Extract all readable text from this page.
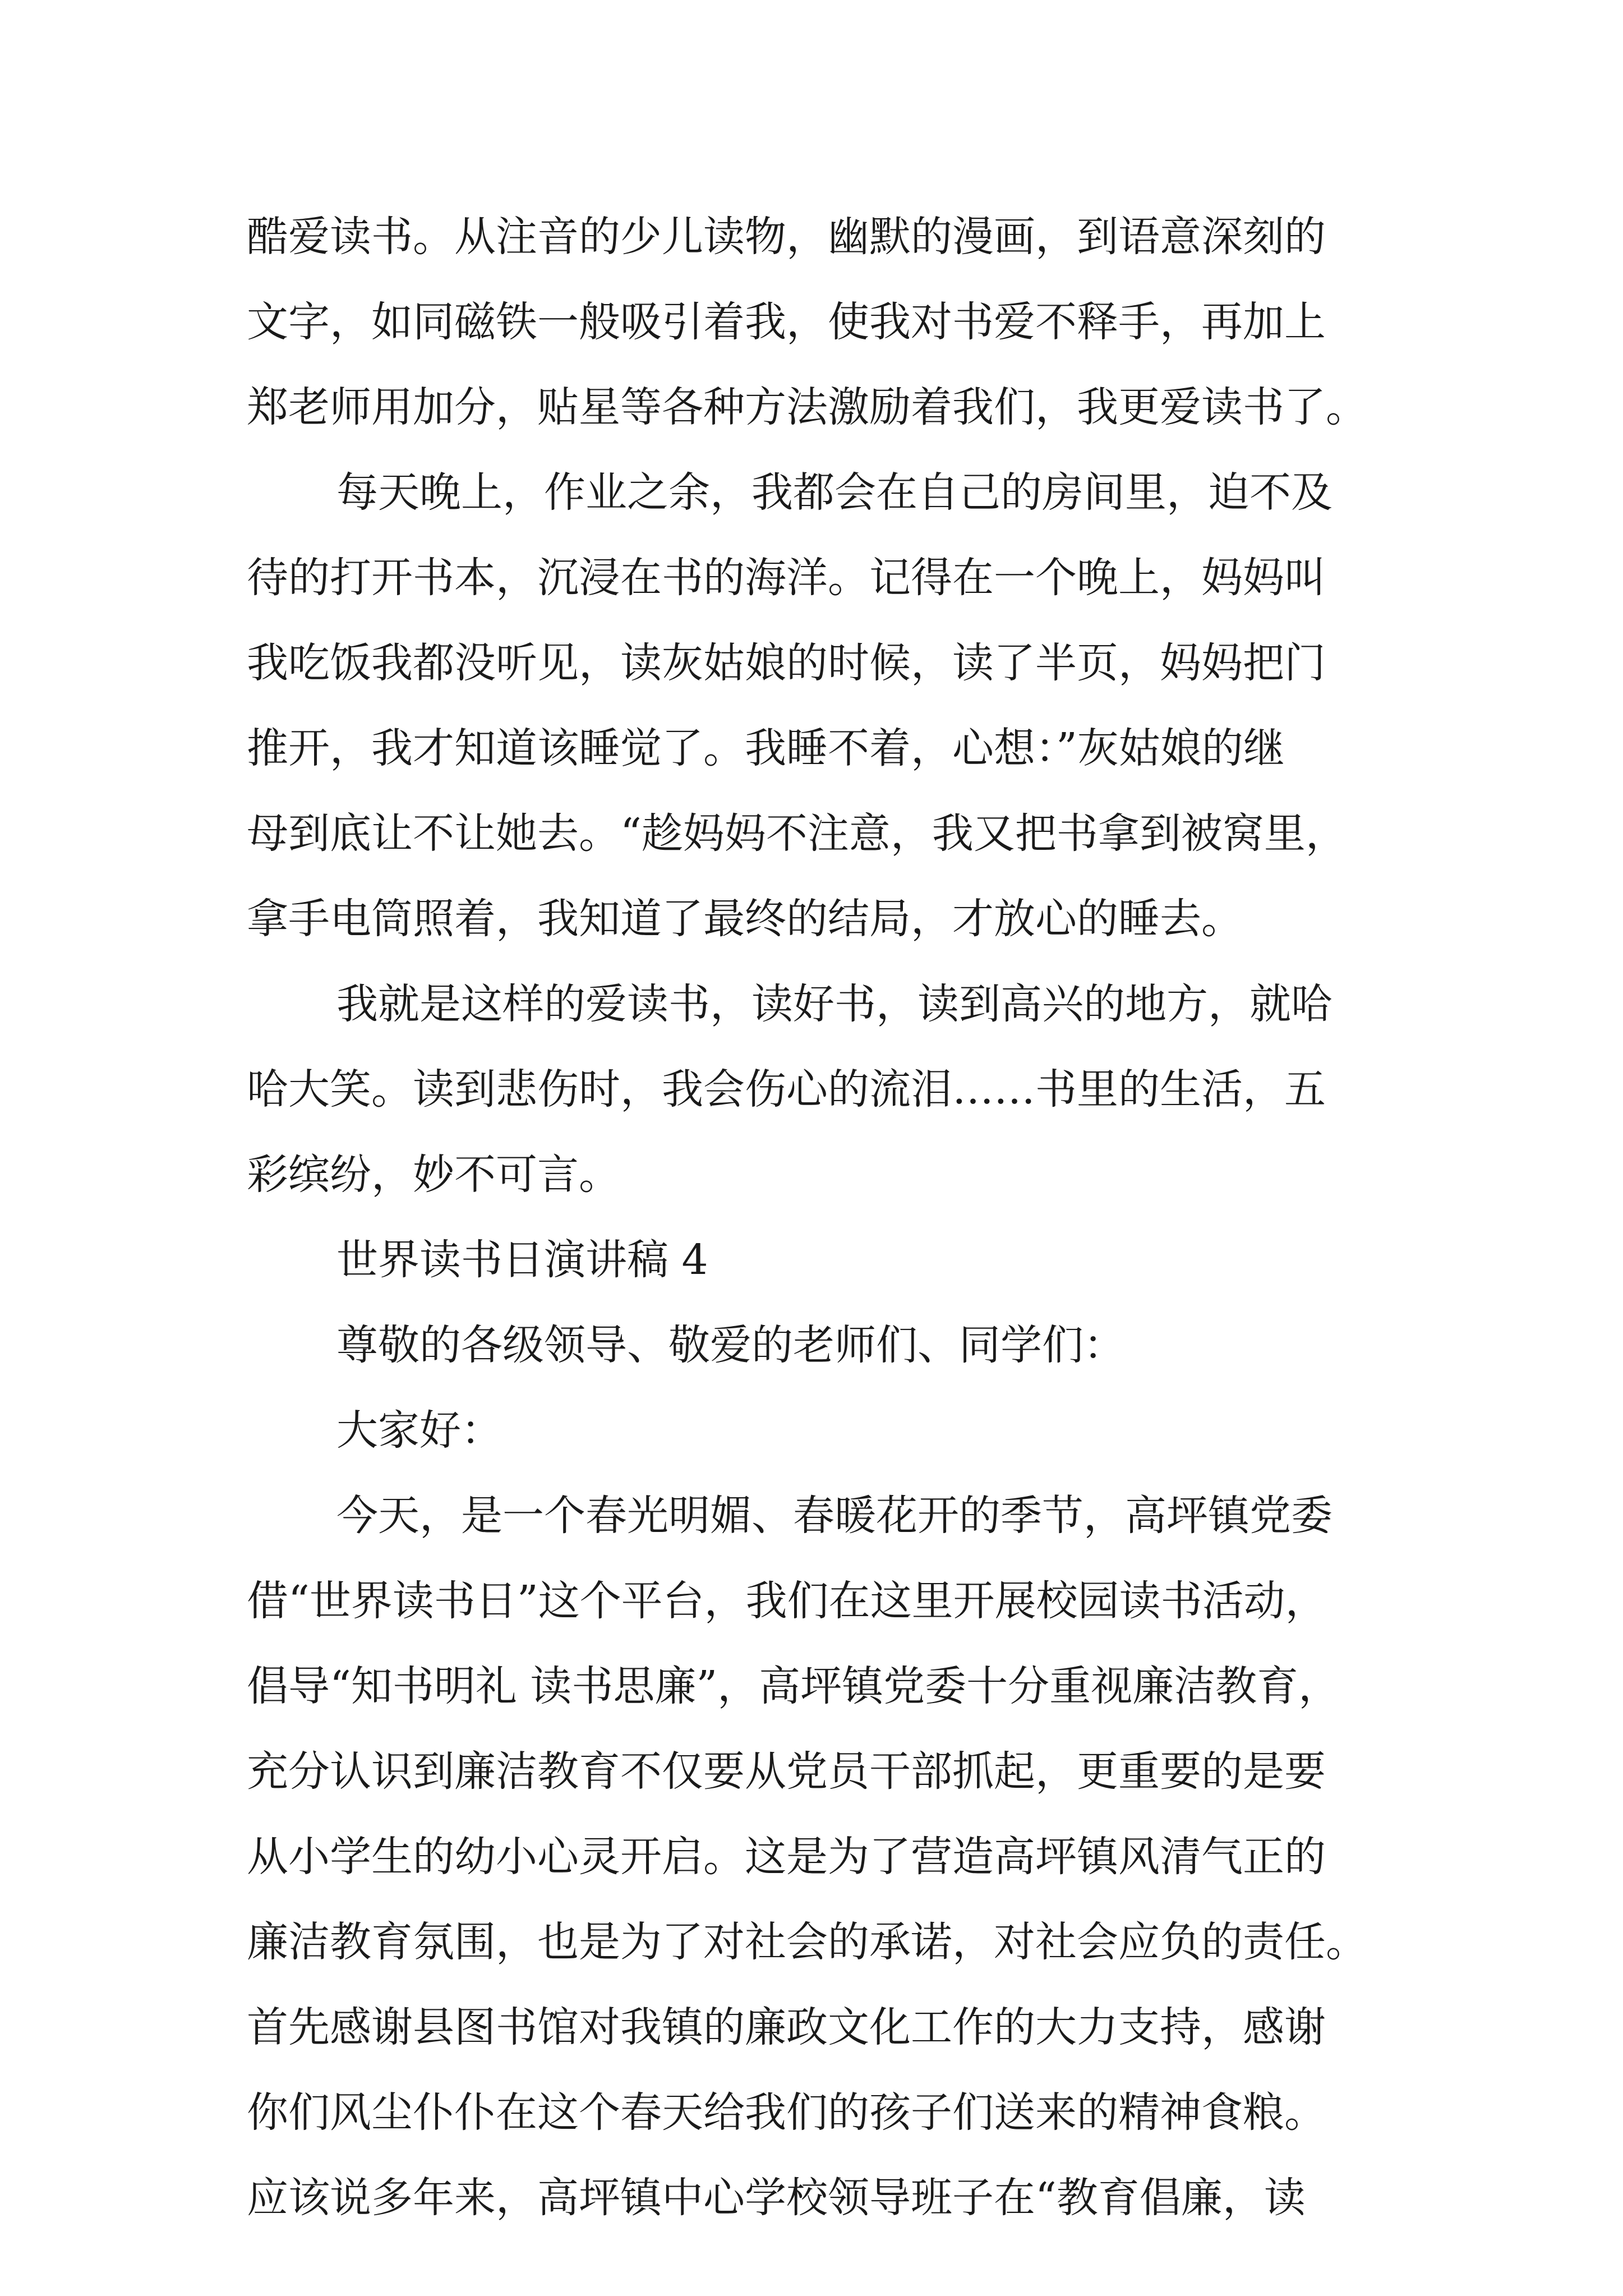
酷爱读书。从注音的少儿读物，幽默的漫画，到语意深刻的
文字，如同磁铁一般吸引着我，使我对书爱不释手，再加上
郑老师用加分，贴星等各种方法激励着我们，我更爱读书了。
每天晚上，作业之余，我都会在自己的房间里，迫不及
待的打开书本，沉浸在书的海洋。记得在一个晚上，妈妈叫
我吃饭我都没听见，读灰姑娘的时候，读了半页，妈妈把门
推开，我才知道该睡觉了。我睡不着，心想：”灰姑娘的继
母到底让不让她去。“趁妈妈不注意，我又把书拿到被窝里，
拿手电筒照着，我知道了最终的结局，才放心的睡去。
我就是这样的爱读书，读好书，读到高兴的地方，就哈
哈大笑。读到悲伤时，我会伤心的流泪……书里的生活，五
彩缤纷，妙不可言。
世界读书日演讲稿 4
尊敬的各级领导、敬爱的老师们、同学们：
大家好：
今天，是一个春光明媚、春暖花开的季节，高坪镇党委
借“世界读书日”这个平台，我们在这里开展校园读书活动，
倡导“知书明礼 读书思廉”，高坪镇党委十分重视廉洁教育，
充分认识到廉洁教育不仅要从党员干部抓起，更重要的是要
从小学生的幼小心灵开启。这是为了营造高坪镇风清气正的
廉洁教育氛围，也是为了对社会的承诺，对社会应负的责任。
首先感谢县图书馆对我镇的廉政文化工作的大力支持，感谢
你们风尘仆仆在这个春天给我们的孩子们送来的精神食粮。
应该说多年来，高坪镇中心学校领导班子在“教育倡廉，读
